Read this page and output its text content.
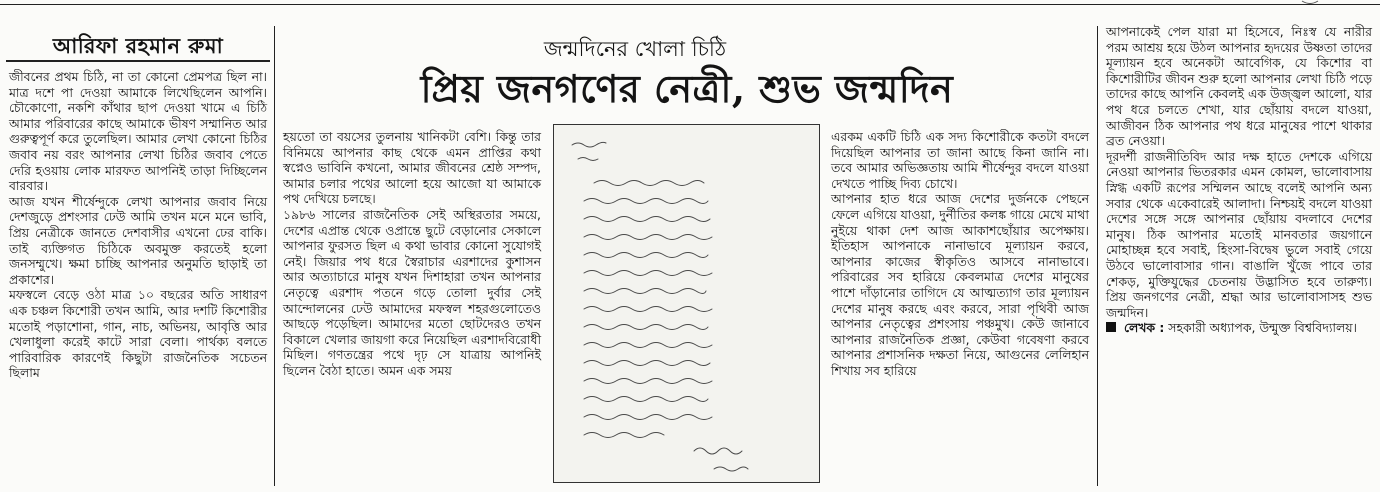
আরিফা রহমান রুমা	জন্মদিনের খোলা চিঠি
প্রিয় জনগণের নেত্রী, শুভ জন্মদিন

জীবনের প্রথম চিঠি, না তা কোনো প্রেমপত্র ছিল না। মাত্র দশে পা দেওয়া আমাকে লিখেছিলেন আপনি। চৌকোণো, নকশি কাঁথার ছাপ দেওয়া খামে এ চিঠি আমার পরিবারের কাছে আমাকে ভীষণ সম্মানিত আর গুরুত্বপূর্ণ করে তুলেছিল। আমার লেখা কোনো চিঠির জবাব নয় বরং আপনার লেখা চিঠির জবাব পেতে দেরি হওয়ায় লোক মারফত আপনিই তাড়া দিচ্ছিলেন বারবার।

আজ যখন শীর্ষেন্দুকে লেখা আপনার জবাব নিয়ে দেশজুড়ে প্রশংসার ঢেউ আমি তখন মনে মনে ভাবি, প্রিয় নেত্রীকে জানতে দেশবাসীর এখনো ঢের বাকি। তাই ব্যক্তিগত চিঠিকে অবমুক্ত করতেই হলো জনসম্মুখে। ক্ষমা চাচ্ছি আপনার অনুমতি ছাড়াই তা প্রকাশের।

মফস্বলে বেড়ে ওঠা মাত্র ১০ বছরের অতি সাধারণ এক চঞ্চল কিশোরী তখন আমি, আর দশটি কিশোরীর মতোই পড়াশোনা, গান, নাচ, অভিনয়, আবৃত্তি আর খেলাধুলা করেই কাটে সারা বেলা। পার্থক্য বলতে পারিবারিক কারণেই কিছুটা রাজনৈতিক সচেতন ছিলাম

হয়তো তা বয়সের তুলনায় খানিকটা বেশি। কিন্তু তার বিনিময়ে আপনার কাছ থেকে এমন প্রাপ্তির কথা স্বপ্নেও ভাবিনি কখনো, আমার জীবনের শ্রেষ্ঠ সম্পদ, আমার চলার পথের আলো হয়ে আজো যা আমাকে পথ দেখিয়ে চলছে।

১৯৮৬ সালের রাজনৈতিক সেই অস্থিরতার সময়ে, দেশের এপ্রান্ত থেকে ওপ্রান্তে ছুটে বেড়ানোর সেকালে আপনার ফুরসত ছিল এ কথা ভাবার কোনো সুযোগই নেই। জিয়ার পথ ধরে স্বৈরাচার এরশাদের কুশাসন আর অত্যাচারে মানুষ যখন দিশাহারা তখন আপনার নেতৃত্বে এরশাদ পতনে গড়ে তোলা দুর্বার সেই আন্দোলনের ঢেউ আমাদের মফস্বল শহরগুলোতেও আছড়ে পড়েছিল। আমাদের মতো ছোটদেরও তখন বিকালে খেলার জায়গা করে নিয়েছিল এরশাদবিরোধী মিছিল। গণতন্ত্রের পথে দৃঢ় সে যাত্রায় আপনিই ছিলেন বৈঠা হাতে। অমন এক সময়

এরকম একটি চিঠি এক সদ্য কিশোরীকে কতটা বদলে দিয়েছিল আপনার তা জানা আছে কিনা জানি না। তবে আমার অভিজ্ঞতায় আমি শীর্ষেন্দুর বদলে যাওয়া দেখতে পাচ্ছি দিব্য চোখে।

আপনার হাত ধরে আজ দেশের দুর্জনকে পেছনে ফেলে এগিয়ে যাওয়া, দুর্নীতির কলঙ্ক গায়ে মেখে মাথা নুইয়ে থাকা দেশ আজ আকাশছোঁয়ার অপেক্ষায়। ইতিহাস আপনাকে নানাভাবে মূল্যায়ন করবে, আপনার কাজের স্বীকৃতিও আসবে নানাভাবে। পরিবারের সব হারিয়ে কেবলমাত্র দেশের মানুষের পাশে দাঁড়ানোর তাগিদে যে আত্মত্যাগ তার মূল্যায়ন দেশের মানুষ করছে এবং করবে, সারা পৃথিবী আজ আপনার নেতৃত্বের প্রশংসায় পঞ্চমুখ। কেউ জানাবে আপনার রাজনৈতিক প্রজ্ঞা, কেউবা গবেষণা করবে আপনার প্রশাসনিক দক্ষতা নিয়ে, আগুনের লেলিহান শিখায় সব হারিয়ে

আপনাকেই পেল যারা মা হিসেবে, নিঃস্ব যে নারীর পরম আশ্রয় হয়ে উঠল আপনার হৃদয়ের উষ্ণতা তাদের মূল্যায়ন হবে অনেকটা আবেগিক, যে কিশোর বা কিশোরীটির জীবন শুরু হলো আপনার লেখা চিঠি পড়ে তাদের কাছে আপনি কেবলই এক উজ্জ্বল আলো, যার পথ ধরে চলতে শেখা, যার ছোঁয়ায় বদলে যাওয়া, আজীবন ঠিক আপনার পথ ধরে মানুষের পাশে থাকার ব্রত নেওয়া।

দূরদর্শী রাজনীতিবিদ আর দক্ষ হাতে দেশকে এগিয়ে নেওয়া আপনার ভিতরকার এমন কোমল, ভালোবাসায় স্নিগ্ধ একটি রূপের সম্মিলন আছে বলেই আপনি অন্য সবার থেকে একেবারেই আলাদা। নিশ্চয়ই বদলে যাওয়া দেশের সঙ্গে সঙ্গে আপনার ছোঁয়ায় বদলাবে দেশের মানুষ। ঠিক আপনার মতোই মানবতার জয়গানে মোহাচ্ছন্ন হবে সবাই, হিংসা-বিদ্বেষ ভুলে সবাই গেয়ে উঠবে ভালোবাসার গান। বাঙালি খুঁজে পাবে তার শেকড়, মুক্তিযুদ্ধের চেতনায় উদ্ভাসিত হবে তারুণ্য। প্রিয় জনগণের নেত্রী, শ্রদ্ধা আর ভালোবাসাসহ শুভ জন্মদিন।

লেখক : সহকারী অধ্যাপক, উন্মুক্ত বিশ্ববিদ্যালয়।
